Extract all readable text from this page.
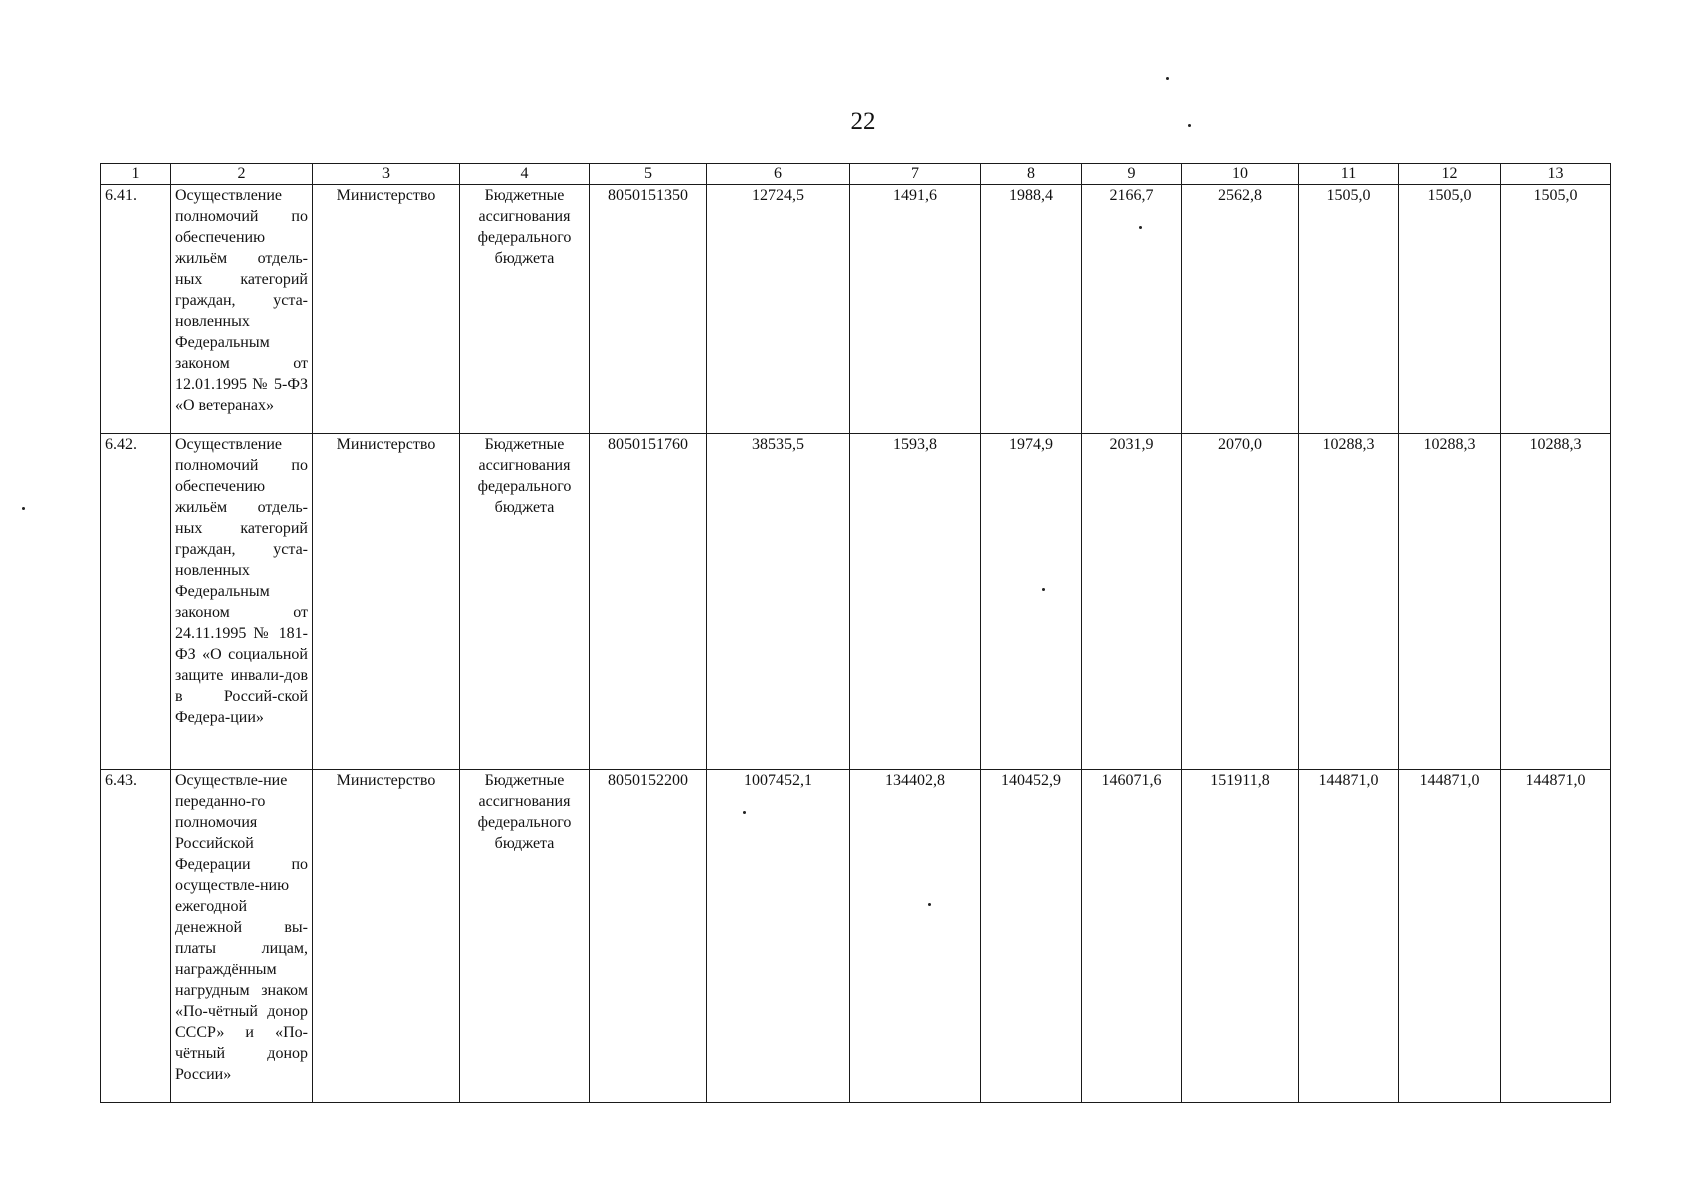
22
1	2	3	4	5	6	7	8	9	10	11	12	13
6.41.	Осуществление полномочий по обеспечению жильём отдель-ных категорий граждан, уста-новленных Федеральным законом от 12.01.1995 № 5-ФЗ «О ветеранах»	Министерство	Бюджетные ассигнования федерального бюджета	8050151350	12724,5	1491,6	1988,4	2166,7	2562,8	1505,0	1505,0	1505,0
6.42.	Осуществление полномочий по обеспечению жильём отдель-ных категорий граждан, уста-новленных Федеральным законом от 24.11.1995 № 181-ФЗ «О социальной защите инвали-дов в Россий-ской Федера-ции»	Министерство	Бюджетные ассигнования федерального бюджета	8050151760	38535,5	1593,8	1974,9	2031,9	2070,0	10288,3	10288,3	10288,3
6.43.	Осуществле-ние переданно-го полномочия Российской Федерации по осуществле-нию ежегодной денежной вы-платы лицам, награждённым нагрудным знаком «По-чётный донор СССР» и «По-чётный донор России»	Министерство	Бюджетные ассигнования федерального бюджета	8050152200	1007452,1	134402,8	140452,9	146071,6	151911,8	144871,0	144871,0	144871,0
